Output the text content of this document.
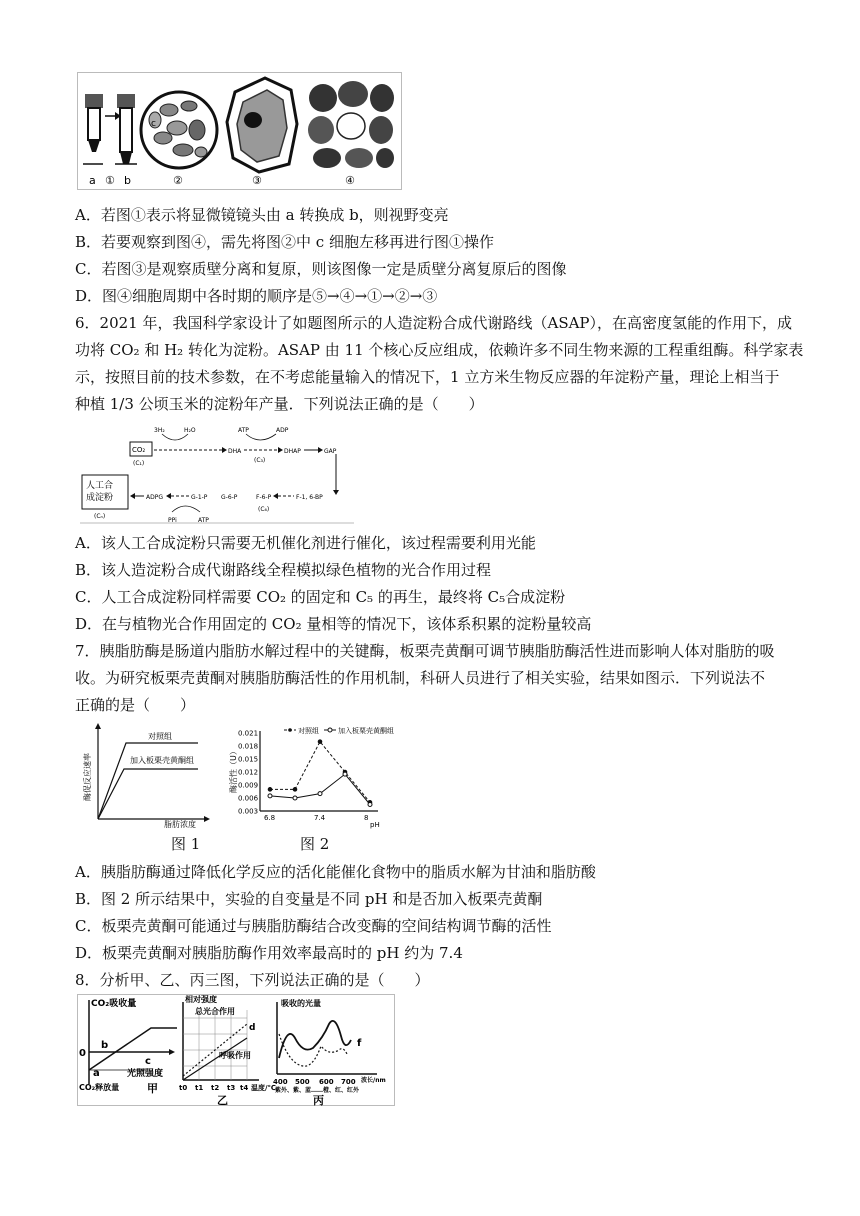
a ① b
c
②	③	④
A．若图①表示将显微镜镜头由 a 转换成 b，则视野变亮
B．若要观察到图④，需先将图②中 c 细胞左移再进行图①操作
C．若图③是观察质壁分离和复原，则该图像一定是质壁分离复原后的图像
D．图④细胞周期中各时期的顺序是⑤→④→①→②→③
6．2021 年，我国科学家设计了如题图所示的人造淀粉合成代谢路线（ASAP），在高密度氢能的作用下，成
功将 CO₂ 和 H₂ 转化为淀粉。ASAP 由 11 个核心反应组成，依赖许多不同生物来源的工程重组酶。科学家表
示，按照目前的技术参数，在不考虑能量输入的情况下，1 立方米生物反应器的年淀粉产量，理论上相当于
种植 1/3 公顷玉米的淀粉年产量．下列说法正确的是（　　）
CO₂
(C₁)
3H₂	H₂O
DHA
ATP	ADP
(C₃)
DHAP	GAP
人工合
成淀粉
(Cₙ)
ADPG	G-1-P G-6-P	F-6-P
(C₆)
F-1, 6-BP
PPi	ATP
A．该人工合成淀粉只需要无机催化剂进行催化，该过程需要利用光能
B．该人造淀粉合成代谢路线全程模拟绿色植物的光合作用过程
C．人工合成淀粉同样需要 CO₂ 的固定和 C₅ 的再生，最终将 C₅合成淀粉
D．在与植物光合作用固定的 CO₂ 量相等的情况下，该体系积累的淀粉量较高
7．胰脂肪酶是肠道内脂肪水解过程中的关键酶，板栗壳黄酮可调节胰脂肪酶活性进而影响人体对脂肪的吸
收。为研究板栗壳黄酮对胰脂肪酶活性的作用机制，科研人员进行了相关实验，结果如图示．下列说法不
正确的是（　　）
酶促反应速率
脂肪浓度
对照组
加入板栗壳黄酮组
图 1
酶活性（U）
0.021
0.018
0.015
0.012
0.009
0.006
0.003
6.8	7.4	8
pH
对照组	加入板栗壳黄酮组
图 2
A．胰脂肪酶通过降低化学反应的活化能催化食物中的脂质水解为甘油和脂肪酸
B．图 2 所示结果中，实验的自变量是不同 pH 和是否加入板栗壳黄酮
C．板栗壳黄酮可能通过与胰脂肪酶结合改变酶的空间结构调节酶的活性
D．板栗壳黄酮对胰脂肪酶作用效率最高时的 pH 约为 7.4
8．分析甲、乙、丙三图，下列说法正确的是（　　）
CO₂吸收量
0
a
b
c
光照强度
CO₂释放量	甲
相对强度
总光合作用
d
呼吸作用
t0 t1 t2 t3 t4 温度/℃
乙
吸收的光量
f
400 500 600 700 波长/nm
紫外、紫、蓝……橙、红、红外
丙
